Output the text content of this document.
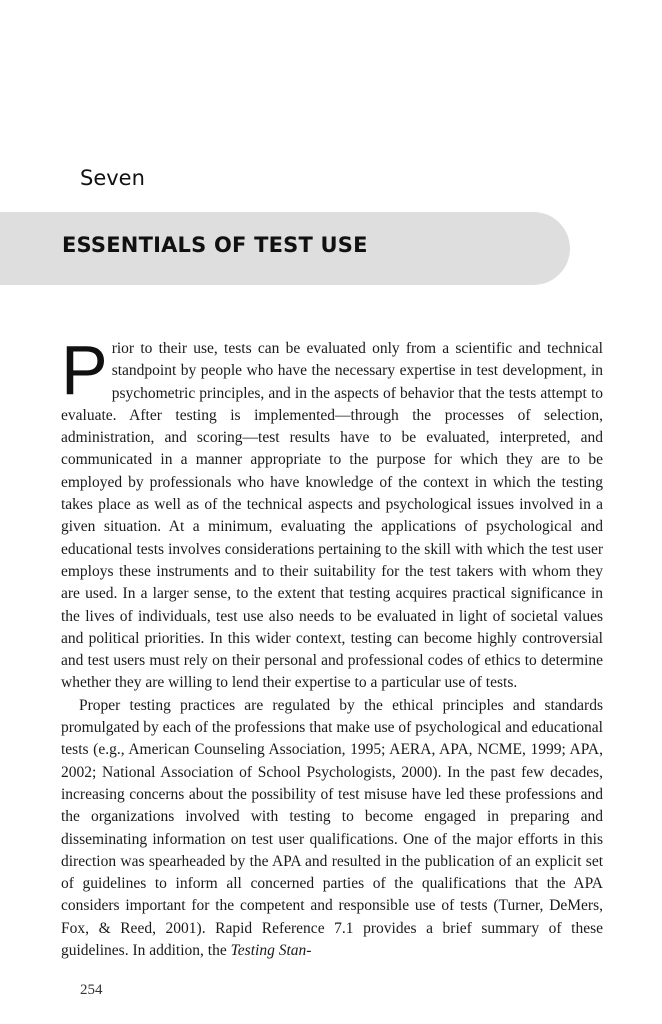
Seven
ESSENTIALS OF TEST USE

Prior to their use, tests can be evaluated only from a scientific and technical standpoint by people who have the necessary expertise in test development, in psychometric principles, and in the aspects of behavior that the tests attempt to evaluate. After testing is implemented—through the processes of selection, administration, and scoring—test results have to be evaluated, interpreted, and communicated in a manner appropriate to the purpose for which they are to be employed by professionals who have knowledge of the context in which the testing takes place as well as of the technical aspects and psychological issues involved in a given situation. At a minimum, evaluating the applications of psychological and educational tests involves considerations pertaining to the skill with which the test user employs these instruments and to their suitability for the test takers with whom they are used. In a larger sense, to the extent that testing acquires practical significance in the lives of individuals, test use also needs to be evaluated in light of societal values and political priorities. In this wider context, testing can become highly controversial and test users must rely on their personal and professional codes of ethics to determine whether they are willing to lend their expertise to a particular use of tests.

Proper testing practices are regulated by the ethical principles and standards promulgated by each of the professions that make use of psychological and educational tests (e.g., American Counseling Association, 1995; AERA, APA, NCME, 1999; APA, 2002; National Association of School Psychologists, 2000). In the past few decades, increasing concerns about the possibility of test misuse have led these professions and the organizations involved with testing to become engaged in preparing and disseminating information on test user qualifications. One of the major efforts in this direction was spearheaded by the APA and resulted in the publication of an explicit set of guidelines to inform all concerned parties of the qualifications that the APA considers important for the competent and responsible use of tests (Turner, DeMers, Fox, & Reed, 2001). Rapid Reference 7.1 provides a brief summary of these guidelines. In addition, the Testing Stan-

254
